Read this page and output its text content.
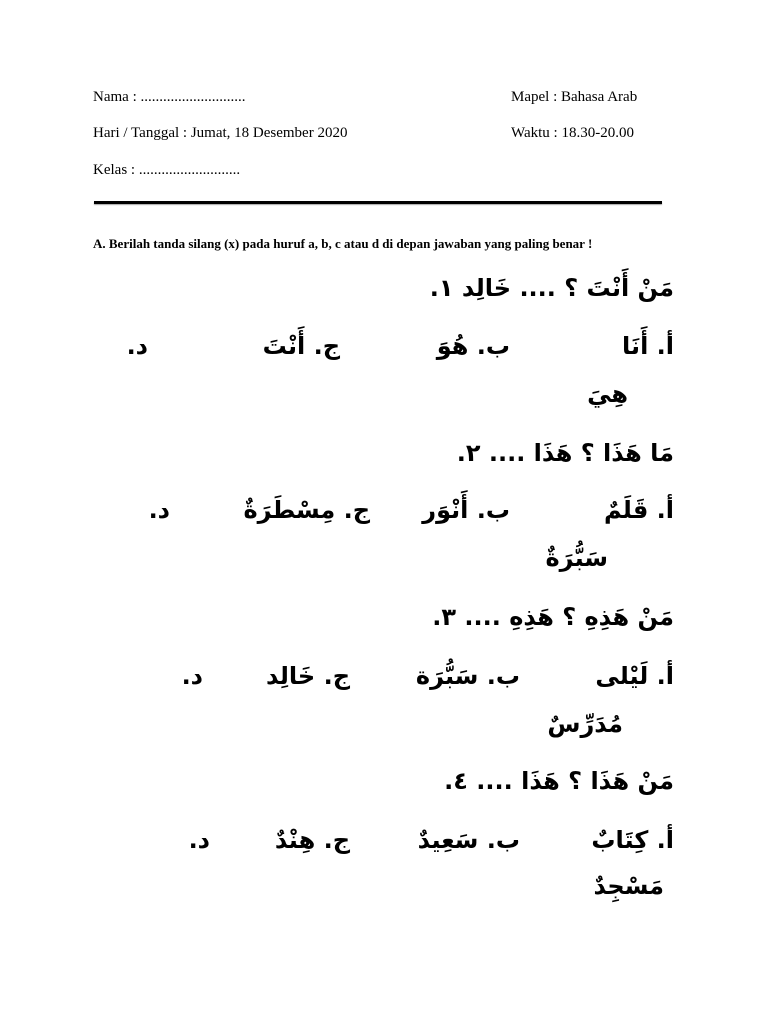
Nama : ............................	Mapel : Bahasa Arab
Hari / Tanggal : Jumat, 18 Desember 2020	Waktu : 18.30-20.00
Kelas : ...........................
A. Berilah tanda silang (x) pada huruf a, b, c atau d di depan jawaban yang paling benar !
مَنْ أَنْتَ ؟ .... خَالِد ١.
أ. أَنَا
ب. هُوَ
ج. أَنْتَ
د.
هِيَ
مَا هَذَا ؟ هَذَا .... ٢.
أ. قَلَمٌ
ب. أَنْوَر
ج. مِسْطَرَةٌ
د.
سَبُّرَةٌ
مَنْ هَذِهِ ؟ هَذِهِ .... ٣.
أ. لَيْلى
ب. سَبُّرَة
ج. خَالِد
د.
مُدَرِّسٌ
مَنْ هَذَا ؟ هَذَا .... ٤.
أ. كِتَابٌ
ب. سَعِيدٌ
ج. هِنْدٌ
د.
مَسْجِدٌ
